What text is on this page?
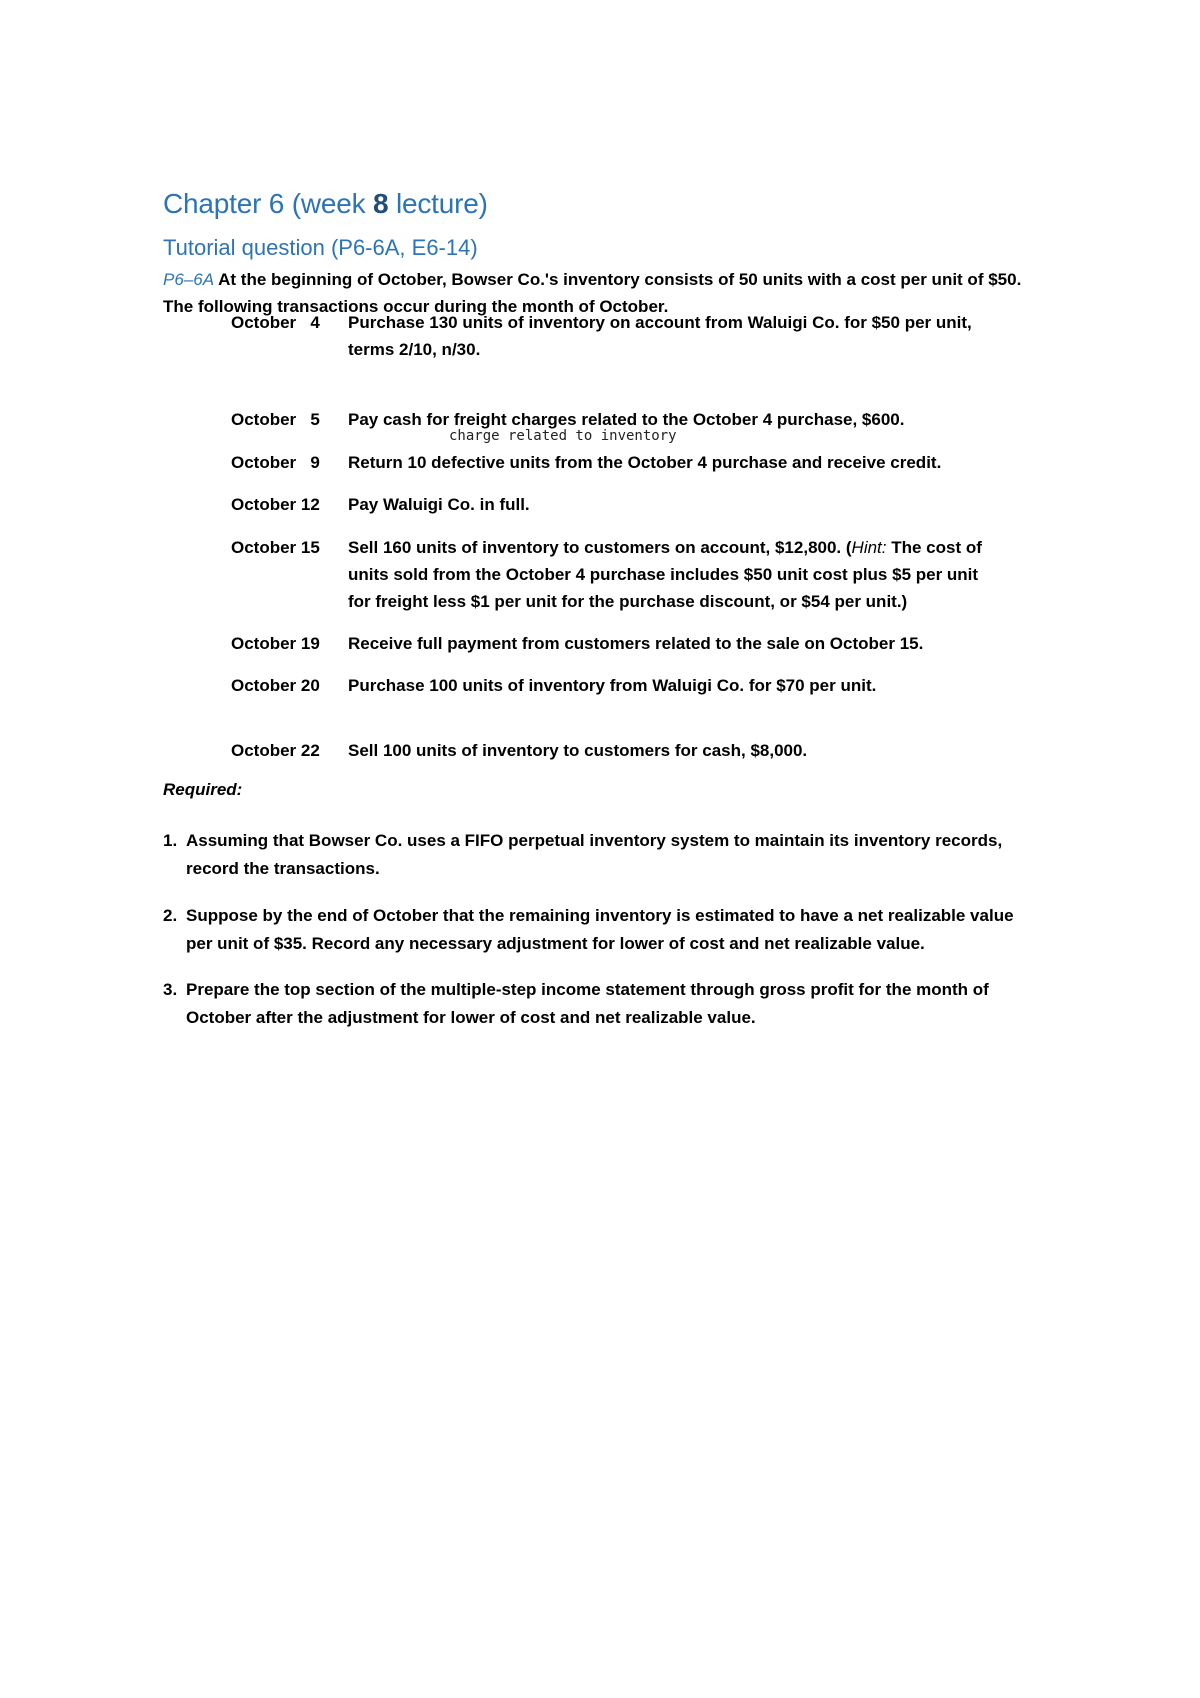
Chapter 6 (week 8 lecture)
Tutorial question (P6-6A, E6-14)
P6–6A At the beginning of October, Bowser Co.'s inventory consists of 50 units with a cost per unit of $50. The following transactions occur during the month of October.
October   4	Purchase 130 units of inventory on account from Waluigi Co. for $50 per unit, terms 2/10, n/30.
October   5	Pay cash for freight charges related to the October 4 purchase, $600.
charge related to inventory
October   9	Return 10 defective units from the October 4 purchase and receive credit.
October 12	Pay Waluigi Co. in full.
October 15	Sell 160 units of inventory to customers on account, $12,800. (Hint: The cost of units sold from the October 4 purchase includes $50 unit cost plus $5 per unit for freight less $1 per unit for the purchase discount, or $54 per unit.)
October 19	Receive full payment from customers related to the sale on October 15.
October 20	Purchase 100 units of inventory from Waluigi Co. for $70 per unit.
October 22	Sell 100 units of inventory to customers for cash, $8,000.
Required:
1. Assuming that Bowser Co. uses a FIFO perpetual inventory system to maintain its inventory records, record the transactions.
2. Suppose by the end of October that the remaining inventory is estimated to have a net realizable value per unit of $35. Record any necessary adjustment for lower of cost and net realizable value.
3. Prepare the top section of the multiple-step income statement through gross profit for the month of October after the adjustment for lower of cost and net realizable value.
